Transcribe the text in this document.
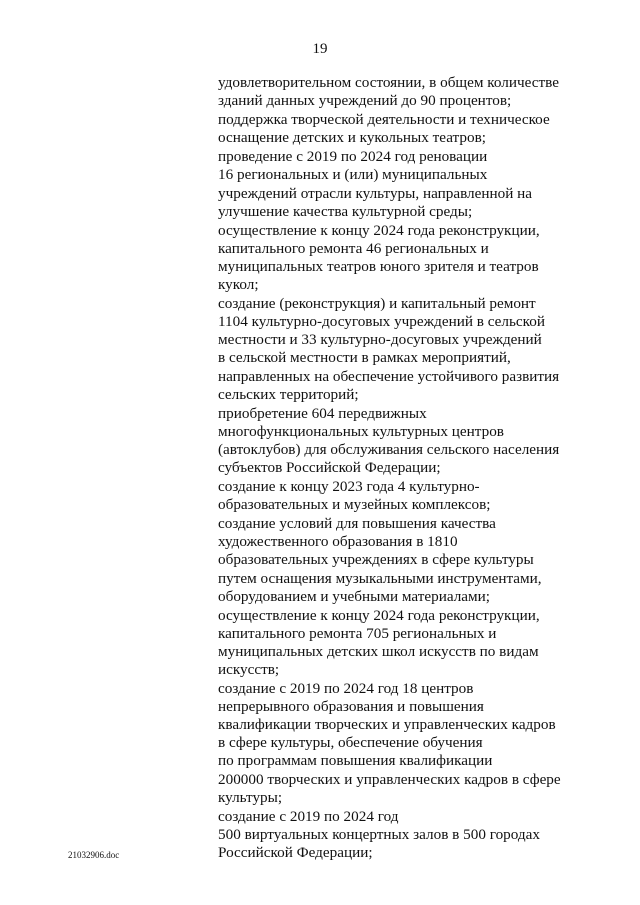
19

удовлетворительном состоянии, в общем количестве
зданий данных учреждений до 90 процентов;

поддержка творческой деятельности и техническое
оснащение детских и кукольных театров;

проведение с 2019 по 2024 год реновации
16 региональных и (или) муниципальных
учреждений отрасли культуры, направленной на
улучшение качества культурной среды;

осуществление к концу 2024 года реконструкции,
капитального ремонта 46 региональных и
муниципальных театров юного зрителя и театров
кукол;

создание (реконструкция) и капитальный ремонт
1104 культурно-досуговых учреждений в сельской
местности и 33 культурно-досуговых учреждений
в сельской местности в рамках мероприятий,
направленных на обеспечение устойчивого развития
сельских территорий;

приобретение 604 передвижных
многофункциональных культурных центров
(автоклубов) для обслуживания сельского населения
субъектов Российской Федерации;

создание к концу 2023 года 4 культурно-
образовательных и музейных комплексов;

создание условий для повышения качества
художественного образования в 1810
образовательных учреждениях в сфере культуры
путем оснащения музыкальными инструментами,
оборудованием и учебными материалами;

осуществление к концу 2024 года реконструкции,
капитального ремонта 705 региональных и
муниципальных детских школ искусств по видам
искусств;

создание с 2019 по 2024 год 18 центров
непрерывного образования и повышения
квалификации творческих и управленческих кадров
в сфере культуры, обеспечение обучения
по программам повышения квалификации
200000 творческих и управленческих кадров в сфере
культуры;

создание с 2019 по 2024 год
500 виртуальных концертных залов в 500 городах
Российской Федерации;

21032906.doc
